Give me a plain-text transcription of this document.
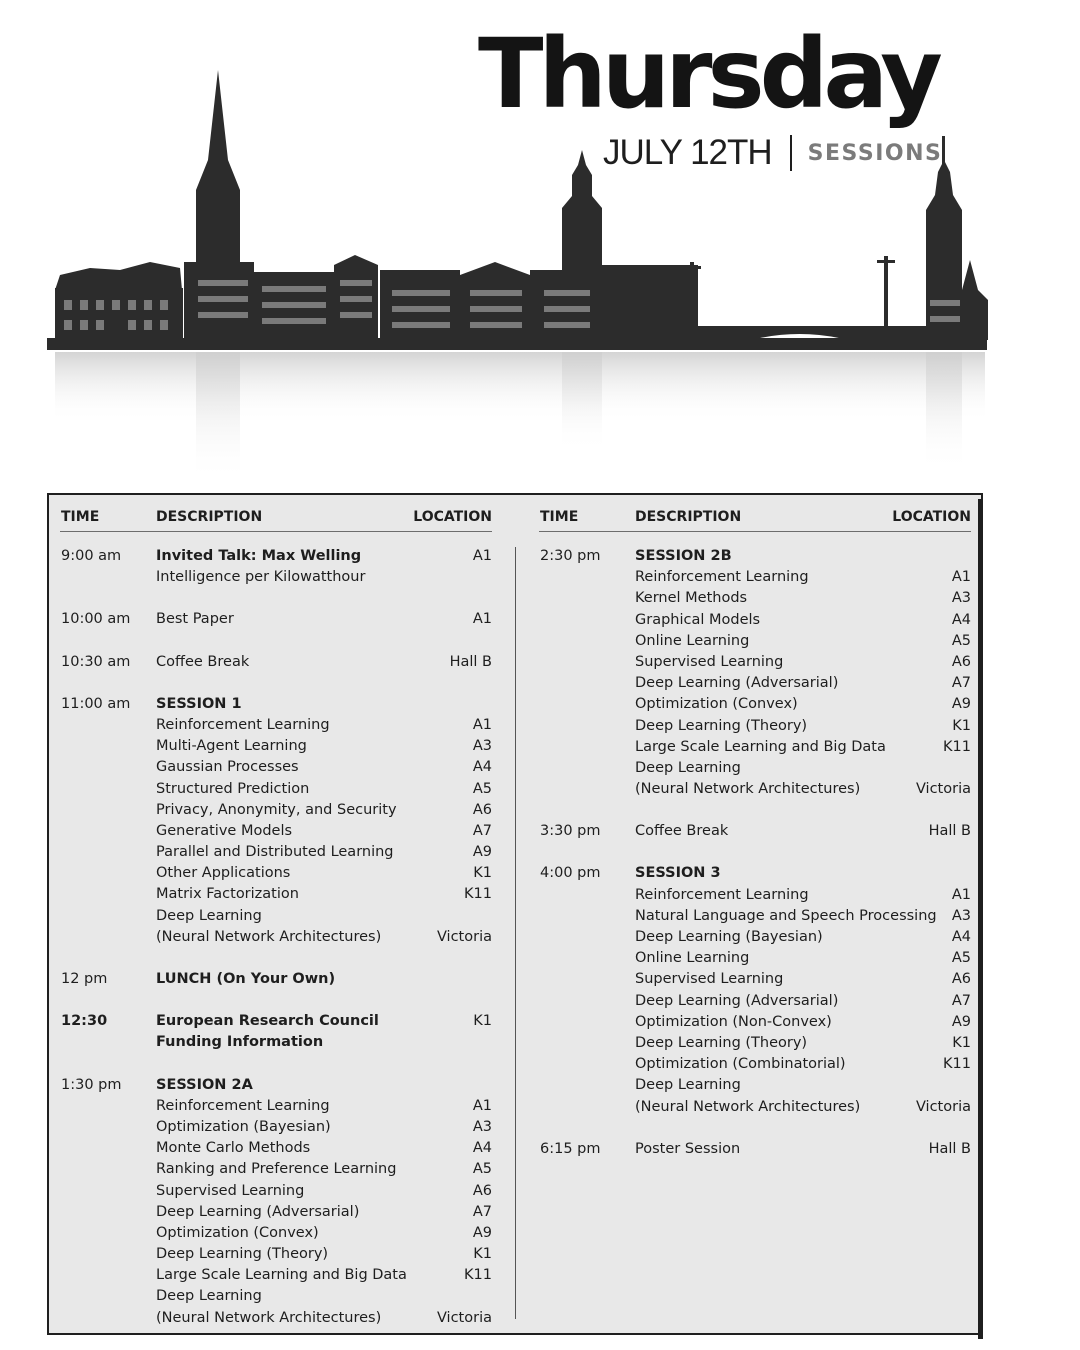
Thursday
JULY 12TH SESSIONS
TIME	DESCRIPTION	LOCATION
9:00 am Invited Talk: Max Welling	A1
Intelligence per Kilowatthour
10:00 am Best Paper	A1
10:30 am Coffee Break	Hall B
11:00 am SESSION 1
Reinforcement Learning	A1
Multi-Agent Learning	A3
Gaussian Processes	A4
Structured Prediction	A5
Privacy, Anonymity, and Security	A6
Generative Models	A7
Parallel and Distributed Learning	A9
Other Applications	K1
Matrix Factorization	K11
Deep Learning
(Neural Network Architectures)	Victoria
12 pm	LUNCH (On Your Own)
12:30	European Research Council	K1
Funding Information
1:30 pm SESSION 2A
Reinforcement Learning	A1
Optimization (Bayesian)	A3
Monte Carlo Methods	A4
Ranking and Preference Learning	A5
Supervised Learning	A6
Deep Learning (Adversarial)	A7
Optimization (Convex)	A9
Deep Learning (Theory)	K1
Large Scale Learning and Big Data	K11
Deep Learning
(Neural Network Architectures)	Victoria
TIME	DESCRIPTION	LOCATION
2:30 pm SESSION 2B
Reinforcement Learning	A1
Kernel Methods	A3
Graphical Models	A4
Online Learning	A5
Supervised Learning	A6
Deep Learning (Adversarial)	A7
Optimization (Convex)	A9
Deep Learning (Theory)	K1
Large Scale Learning and Big Data	K11
Deep Learning
(Neural Network Architectures)	Victoria
3:30 pm Coffee Break	Hall B
4:00 pm SESSION 3
Reinforcement Learning	A1
Natural Language and Speech Processing A3
Deep Learning (Bayesian)	A4
Online Learning	A5
Supervised Learning	A6
Deep Learning (Adversarial)	A7
Optimization (Non-Convex)	A9
Deep Learning (Theory)	K1
Optimization (Combinatorial)	K11
Deep Learning
(Neural Network Architectures)	Victoria
6:15 pm Poster Session	Hall B
